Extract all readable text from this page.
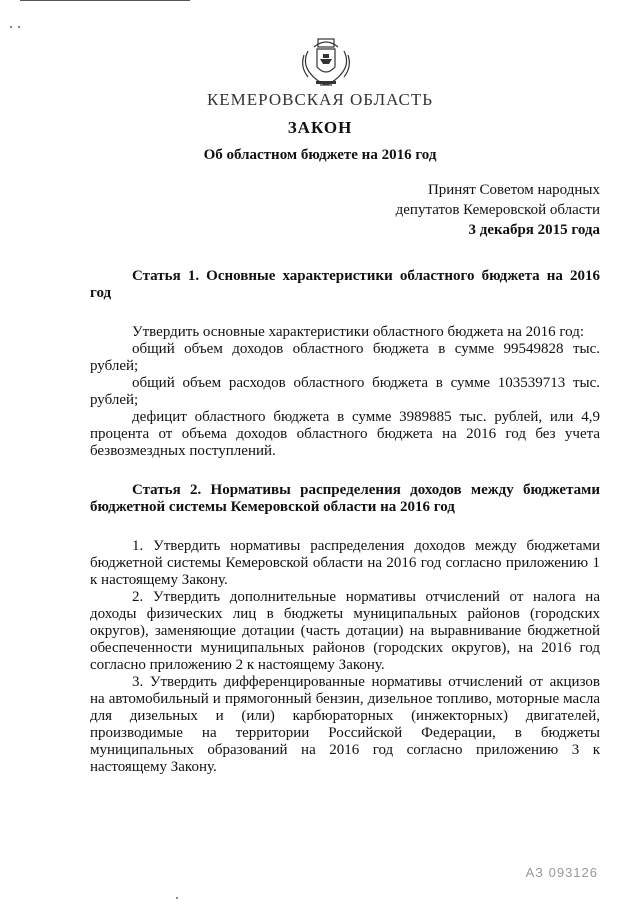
КЕМЕРОВСКАЯ ОБЛАСТЬ
ЗАКОН
Об областном бюджете на 2016 год
Принят Советом народных
депутатов Кемеровской области
3 декабря 2015 года

Статья 1. Основные характеристики областного бюджета на 2016 год

Утвердить основные характеристики областного бюджета на 2016 год:

общий объем доходов областного бюджета в сумме 99549828 тыс. рублей;

общий объем расходов областного бюджета в сумме 103539713 тыс. рублей;

дефицит областного бюджета в сумме 3989885 тыс. рублей, или 4,9 процента от объема доходов областного бюджета на 2016 год без учета безвозмездных поступлений.

Статья 2. Нормативы распределения доходов между бюджетами бюджетной системы Кемеровской области на 2016 год

1. Утвердить нормативы распределения доходов между бюджетами бюджетной системы Кемеровской области на 2016 год согласно приложению 1 к настоящему Закону.

2. Утвердить дополнительные нормативы отчислений от налога на доходы физических лиц в бюджеты муниципальных районов (городских округов), заменяющие дотации (часть дотации) на выравнивание бюджетной обеспеченности муниципальных районов (городских округов), на 2016 год согласно приложению 2 к настоящему Закону.

3. Утвердить дифференцированные нормативы отчислений от акцизов на автомобильный и прямогонный бензин, дизельное топливо, моторные масла для дизельных и (или) карбюраторных (инжекторных) двигателей, производимые на территории Российской Федерации, в бюджеты муниципальных образований на 2016 год согласно приложению 3 к настоящему Закону.

АЗ 093126
